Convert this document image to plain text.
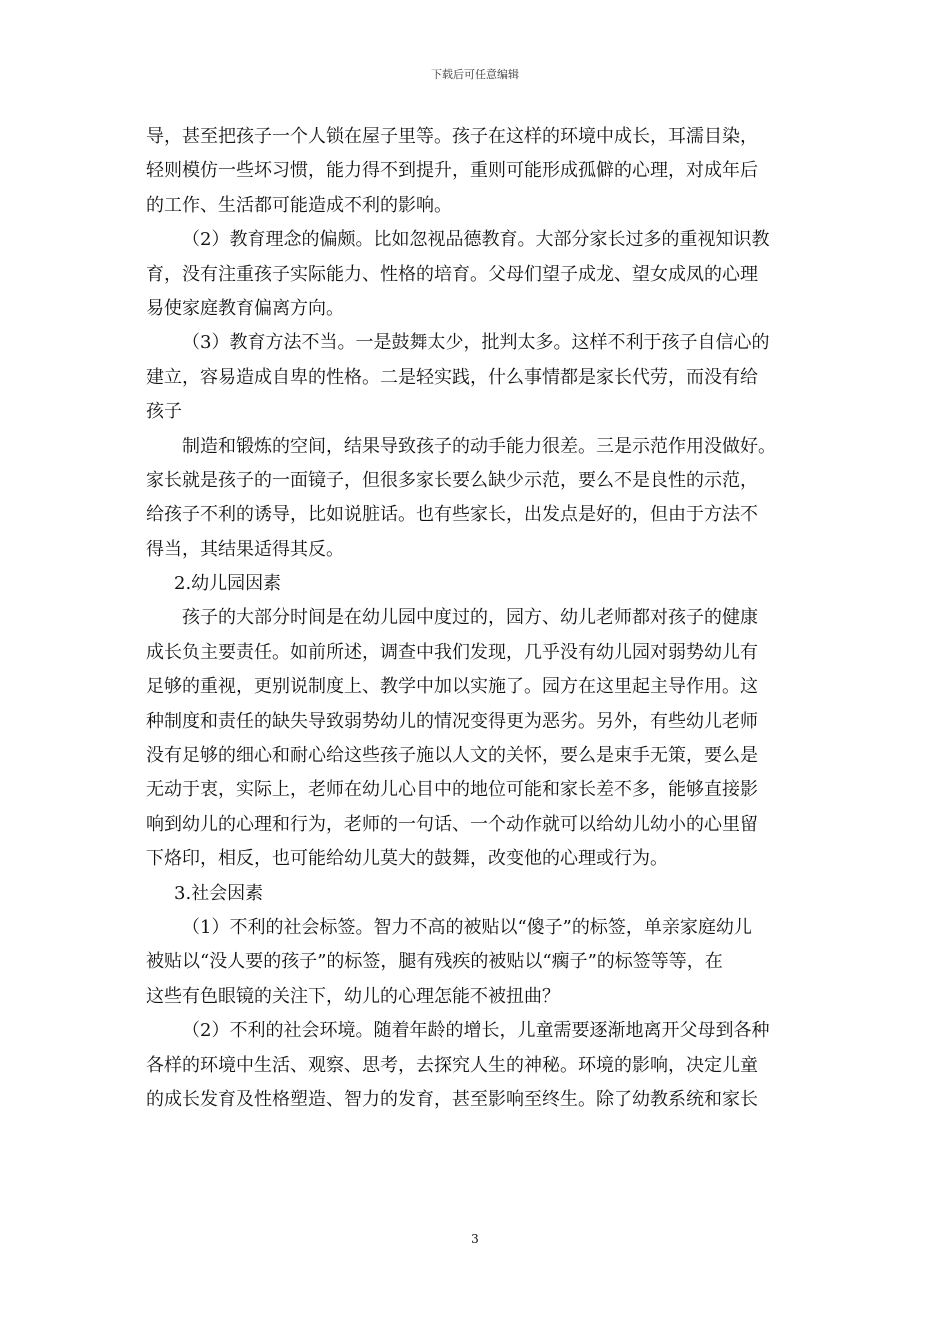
下载后可任意编辑
导，甚至把孩子一个人锁在屋子里等。孩子在这样的环境中成长，耳濡目染，
轻则模仿一些坏习惯，能力得不到提升，重则可能形成孤僻的心理，对成年后
的工作、生活都可能造成不利的影响。
（2）教育理念的偏颇。比如忽视品德教育。大部分家长过多的重视知识教
育，没有注重孩子实际能力、性格的培育。父母们望子成龙、望女成凤的心理
易使家庭教育偏离方向。
（3）教育方法不当。一是鼓舞太少，批判太多。这样不利于孩子自信心的
建立，容易造成自卑的性格。二是轻实践，什么事情都是家长代劳，而没有给
孩子
制造和锻炼的空间，结果导致孩子的动手能力很差。三是示范作用没做好。
家长就是孩子的一面镜子，但很多家长要么缺少示范，要么不是良性的示范，
给孩子不利的诱导，比如说脏话。也有些家长，出发点是好的，但由于方法不
得当，其结果适得其反。
2.幼儿园因素
孩子的大部分时间是在幼儿园中度过的，园方、幼儿老师都对孩子的健康
成长负主要责任。如前所述，调查中我们发现，几乎没有幼儿园对弱势幼儿有
足够的重视，更别说制度上、教学中加以实施了。园方在这里起主导作用。这
种制度和责任的缺失导致弱势幼儿的情况变得更为恶劣。另外，有些幼儿老师
没有足够的细心和耐心给这些孩子施以人文的关怀，要么是束手无策，要么是
无动于衷，实际上，老师在幼儿心目中的地位可能和家长差不多，能够直接影
响到幼儿的心理和行为，老师的一句话、一个动作就可以给幼儿幼小的心里留
下烙印，相反，也可能给幼儿莫大的鼓舞，改变他的心理或行为。
3.社会因素
（1）不利的社会标签。智力不高的被贴以“傻子”的标签，单亲家庭幼儿
被贴以“没人要的孩子”的标签，腿有残疾的被贴以“瘸子”的标签等等，在
这些有色眼镜的关注下，幼儿的心理怎能不被扭曲？
（2）不利的社会环境。随着年龄的增长，儿童需要逐渐地离开父母到各种
各样的环境中生活、观察、思考，去探究人生的神秘。环境的影响，决定儿童
的成长发育及性格塑造、智力的发育，甚至影响至终生。除了幼教系统和家长
3
